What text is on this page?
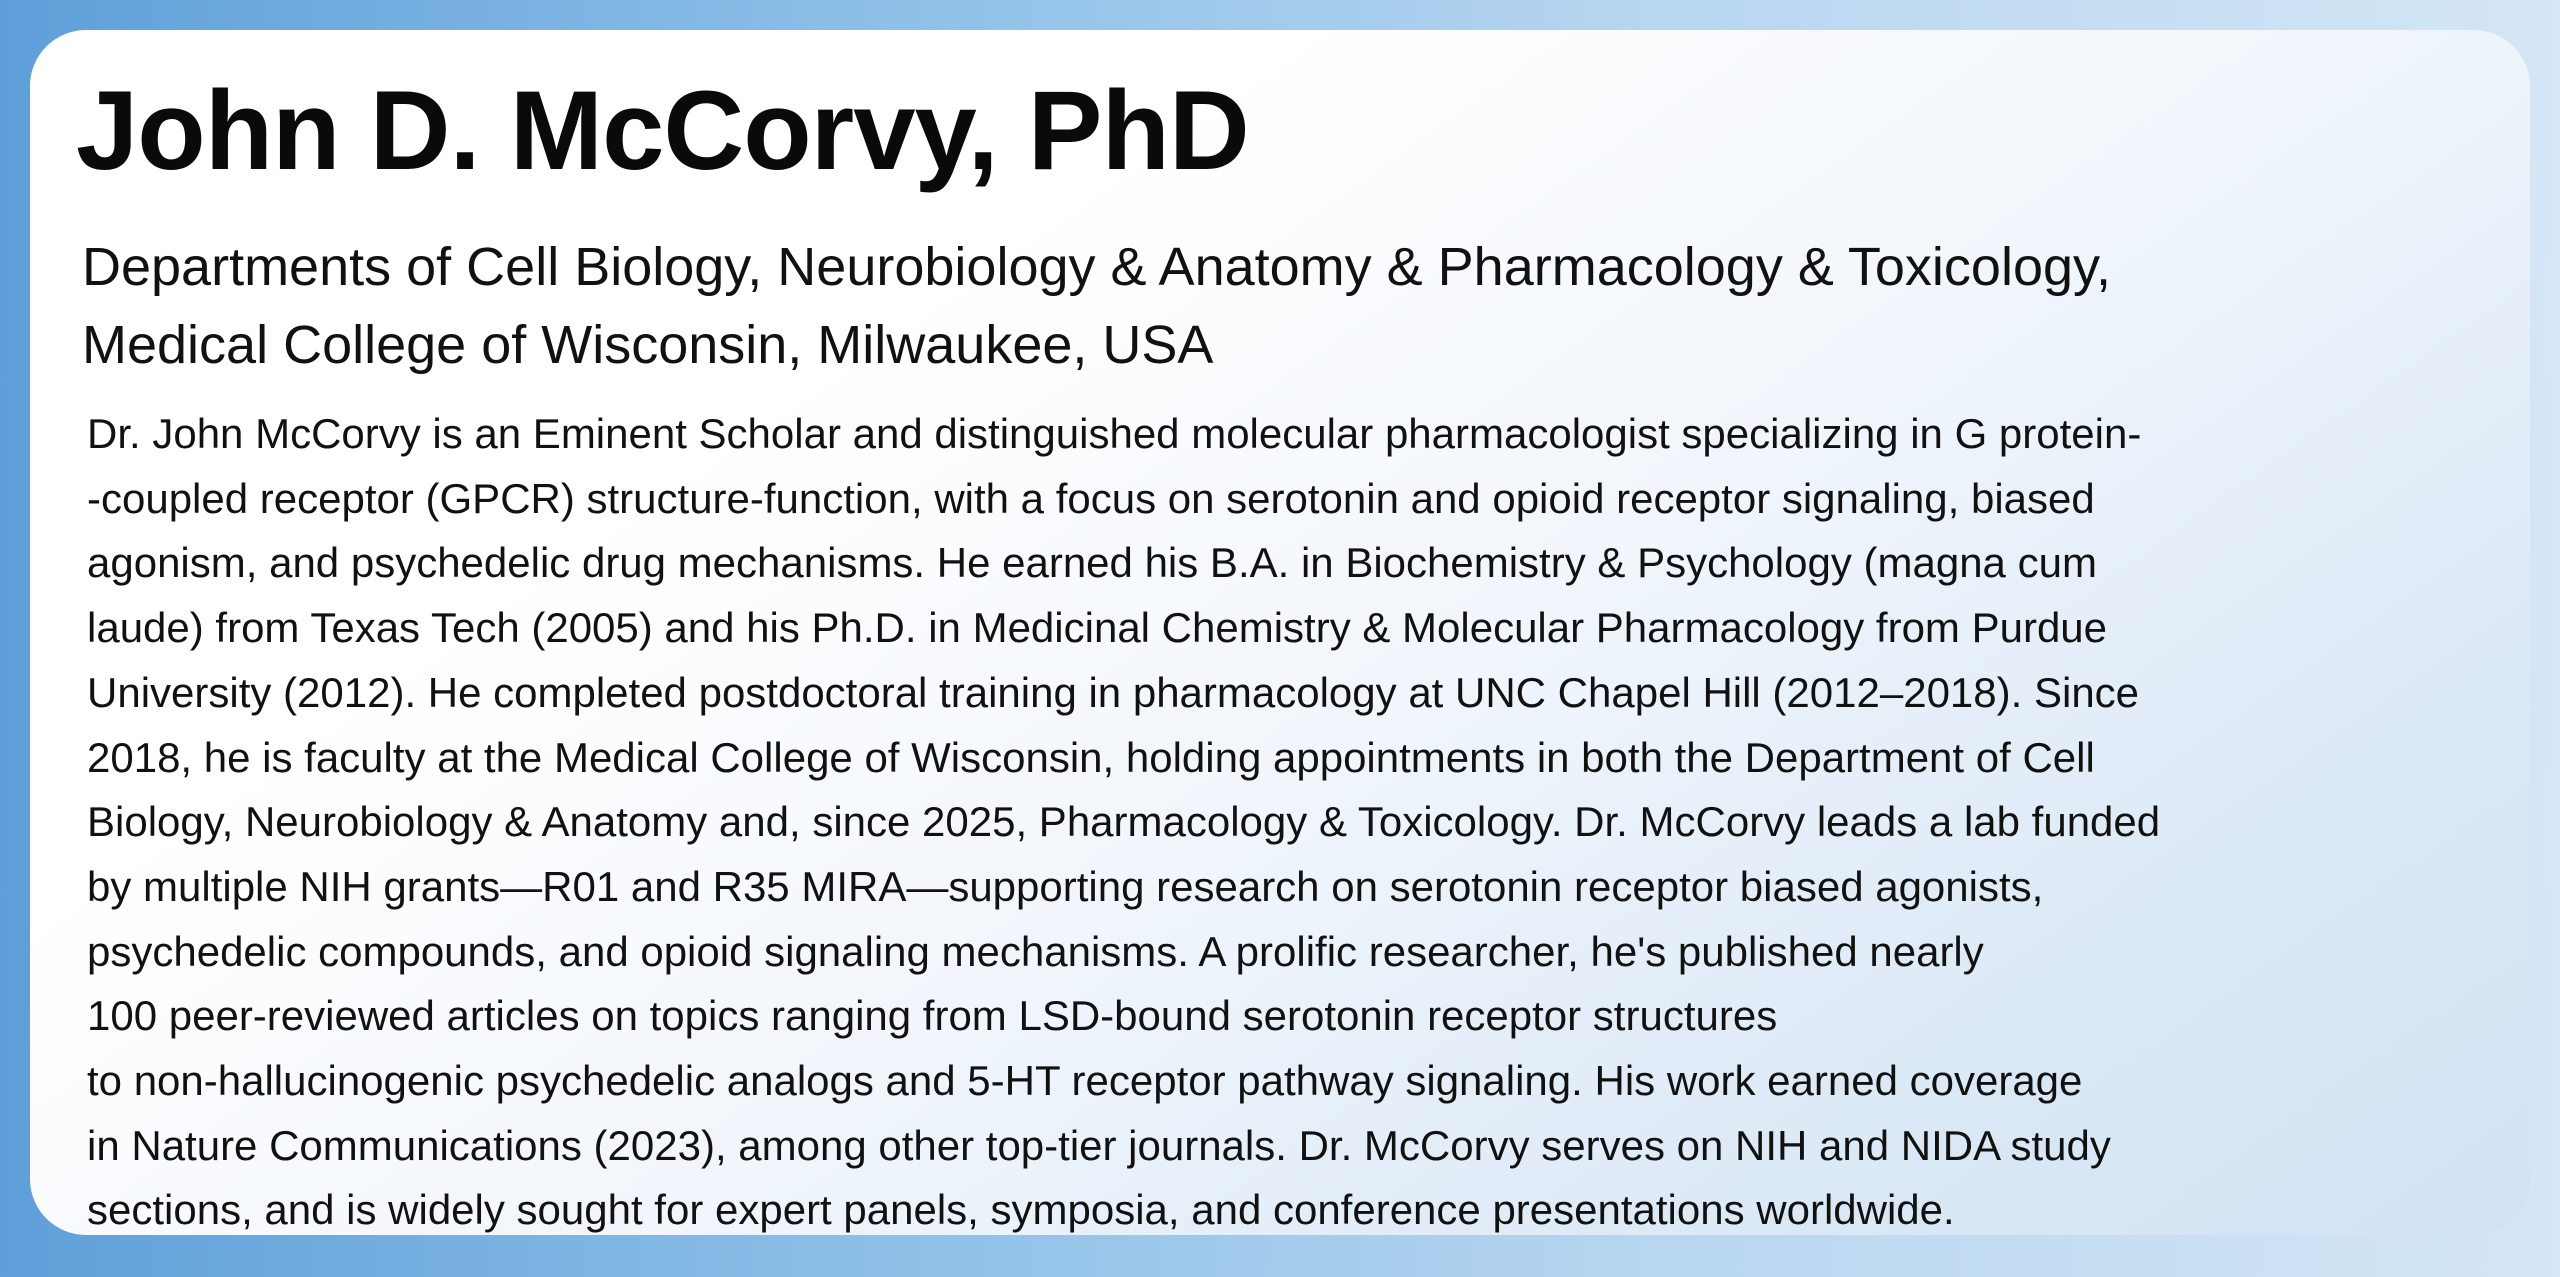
John D. McCorvy, PhD
Departments of Cell Biology, Neurobiology & Anatomy & Pharmacology & Toxicology,
Medical College of Wisconsin, Milwaukee, USA
Dr. John McCorvy is an Eminent Scholar and distinguished molecular pharmacologist specializing in G protein-
-coupled receptor (GPCR) structure-function, with a focus on serotonin and opioid receptor signaling, biased
agonism, and psychedelic drug mechanisms. He earned his B.A. in Biochemistry & Psychology (magna cum
laude) from Texas Tech (2005) and his Ph.D. in Medicinal Chemistry & Molecular Pharmacology from Purdue
University (2012). He completed postdoctoral training in pharmacology at UNC Chapel Hill (2012–2018). Since
2018, he is faculty at the Medical College of Wisconsin, holding appointments in both the Department of Cell
Biology, Neurobiology & Anatomy and, since 2025, Pharmacology & Toxicology. Dr. McCorvy leads a lab funded
by multiple NIH grants—R01 and R35 MIRA—supporting research on serotonin receptor biased agonists,
psychedelic compounds, and opioid signaling mechanisms. A prolific researcher, he's published nearly
100 peer-reviewed articles on topics ranging from LSD-bound serotonin receptor structures
to non-hallucinogenic psychedelic analogs and 5-HT receptor pathway signaling. His work earned coverage
in Nature Communications (2023), among other top-tier journals. Dr. McCorvy serves on NIH and NIDA study
sections, and is widely sought for expert panels, symposia, and conference presentations worldwide.
